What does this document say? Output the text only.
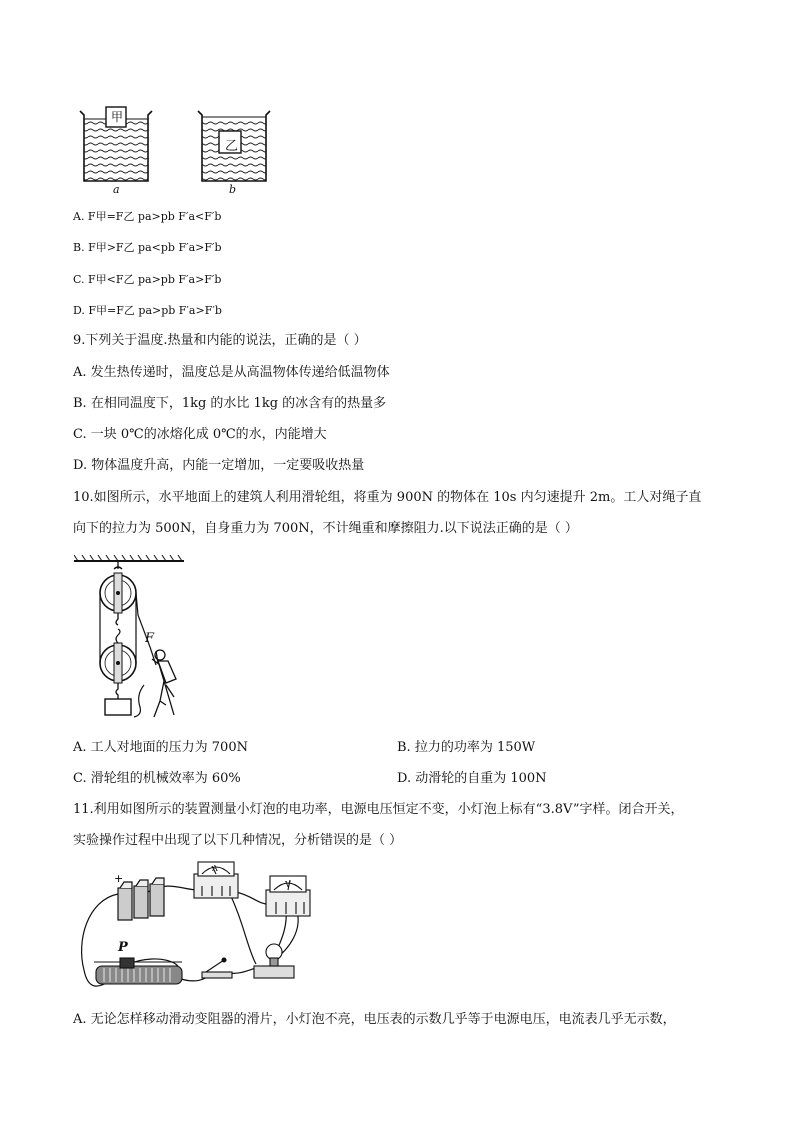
甲
乙
a	b
A. F甲=F乙 pa>pb F′a<F′b
B. F甲>F乙 pa<pb F′a>F′b
C. F甲<F乙 pa>pb F′a>F′b
D. F甲=F乙 pa>pb F′a>F′b
9.下列关于温度.热量和内能的说法，正确的是（ ）
A. 发生热传递时，温度总是从高温物体传递给低温物体
B. 在相同温度下，1kg 的水比 1kg 的冰含有的热量多
C. 一块 0℃的冰熔化成 0℃的水，内能增大
D. 物体温度升高，内能一定增加，一定要吸收热量
10.如图所示，水平地面上的建筑人利用滑轮组，将重为 900N 的物体在 10s 内匀速提升 2m。工人对绳子直
向下的拉力为 500N，自身重力为 700N，不计绳重和摩擦阻力.以下说法正确的是（ ）
F
A. 工人对地面的压力为 700N	B. 拉力的功率为 150W
C. 滑轮组的机械效率为 60%	D. 动滑轮的自重为 100N
11.利用如图所示的装置测量小灯泡的电功率，电源电压恒定不变，小灯泡上标有“3.8V”字样。闭合开关，
实验操作过程中出现了以下几种情况，分析错误的是（ ）
+
P
A
V
A. 无论怎样移动滑动变阻器的滑片，小灯泡不亮，电压表的示数几乎等于电源电压，电流表几乎无示数，
